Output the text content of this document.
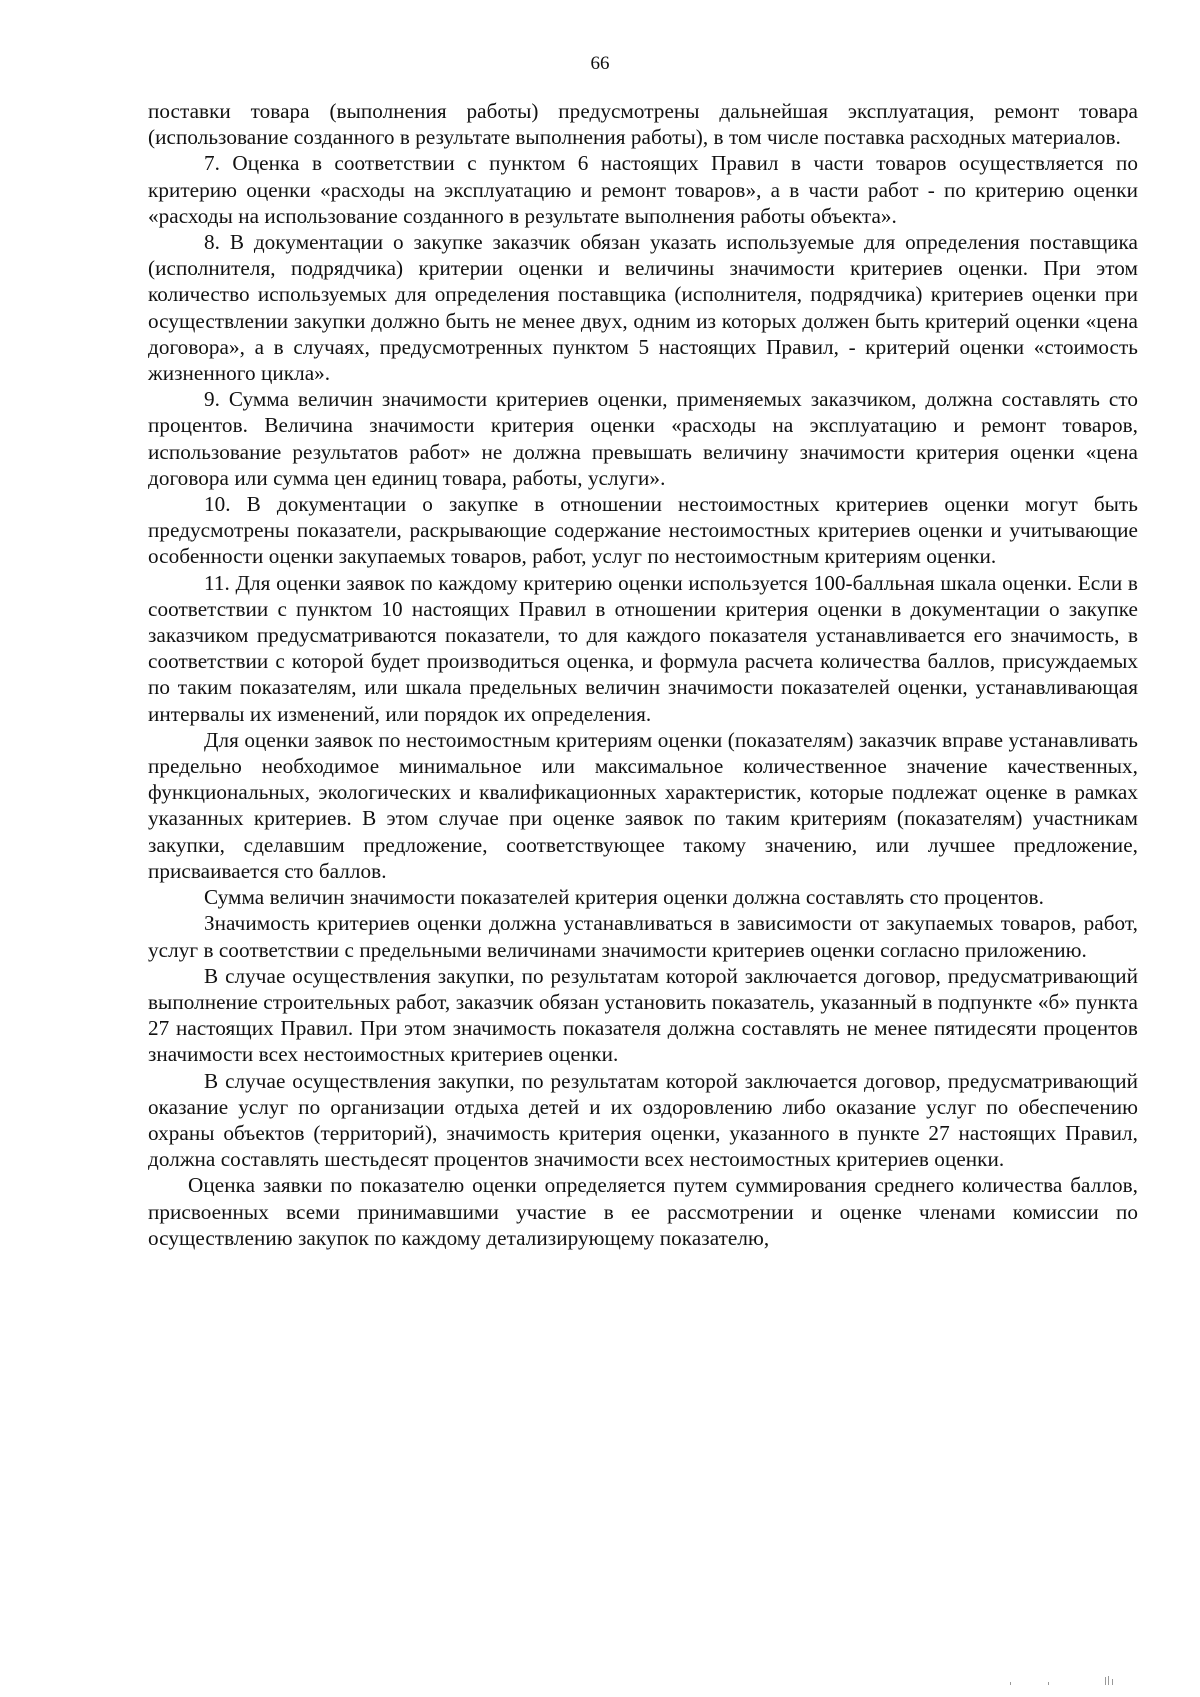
66

поставки товара (выполнения работы) предусмотрены дальнейшая эксплуатация, ремонт товара (использование созданного в результате выполнения работы), в том числе поставка расходных материалов.

7. Оценка в соответствии с пунктом 6 настоящих Правил в части товаров осуществляется по критерию оценки «расходы на эксплуатацию и ремонт товаров», а в части работ - по критерию оценки «расходы на использование созданного в результате выполнения работы объекта».

8. В документации о закупке заказчик обязан указать используемые для определения поставщика (исполнителя, подрядчика) критерии оценки и величины значимости критериев оценки. При этом количество используемых для определения поставщика (исполнителя, подрядчика) критериев оценки при осуществлении закупки должно быть не менее двух, одним из которых должен быть критерий оценки «цена договора», а в случаях, предусмотренных пунктом 5 настоящих Правил, - критерий оценки «стоимость жизненного цикла».

9. Сумма величин значимости критериев оценки, применяемых заказчиком, должна составлять сто процентов. Величина значимости критерия оценки «расходы на эксплуатацию и ремонт товаров, использование результатов работ» не должна превышать величину значимости критерия оценки «цена договора или сумма цен единиц товара, работы, услуги».

10. В документации о закупке в отношении нестоимостных критериев оценки могут быть предусмотрены показатели, раскрывающие содержание нестоимостных критериев оценки и учитывающие особенности оценки закупаемых товаров, работ, услуг по нестоимостным критериям оценки.

11. Для оценки заявок по каждому критерию оценки используется 100-балльная шкала оценки. Если в соответствии с пунктом 10 настоящих Правил в отношении критерия оценки в документации о закупке заказчиком предусматриваются показатели, то для каждого показателя устанавливается его значимость, в соответствии с которой будет производиться оценка, и формула расчета количества баллов, присуждаемых по таким показателям, или шкала предельных величин значимости показателей оценки, устанавливающая интервалы их изменений, или порядок их определения.

Для оценки заявок по нестоимостным критериям оценки (показателям) заказчик вправе устанавливать предельно необходимое минимальное или максимальное количественное значение качественных, функциональных, экологических и квалификационных характеристик, которые подлежат оценке в рамках указанных критериев. В этом случае при оценке заявок по таким критериям (показателям) участникам закупки, сделавшим предложение, соответствующее такому значению, или лучшее предложение, присваивается сто баллов.

Сумма величин значимости показателей критерия оценки должна составлять сто процентов.

Значимость критериев оценки должна устанавливаться в зависимости от закупаемых товаров, работ, услуг в соответствии с предельными величинами значимости критериев оценки согласно приложению.

В случае осуществления закупки, по результатам которой заключается договор, предусматривающий выполнение строительных работ, заказчик обязан установить показатель, указанный в подпункте «б» пункта 27 настоящих Правил. При этом значимость показателя должна составлять не менее пятидесяти процентов значимости всех нестоимостных критериев оценки.

В случае осуществления закупки, по результатам которой заключается договор, предусматривающий оказание услуг по организации отдыха детей и их оздоровлению либо оказание услуг по обеспечению охраны объектов (территорий), значимость критерия оценки, указанного в пункте 27 настоящих Правил, должна составлять шестьдесят процентов значимости всех нестоимостных критериев оценки.

Оценка заявки по показателю оценки определяется путем суммирования среднего количества баллов, присвоенных всеми принимавшими участие в ее рассмотрении и оценке членами комиссии по осуществлению закупок по каждому детализирующему показателю,
